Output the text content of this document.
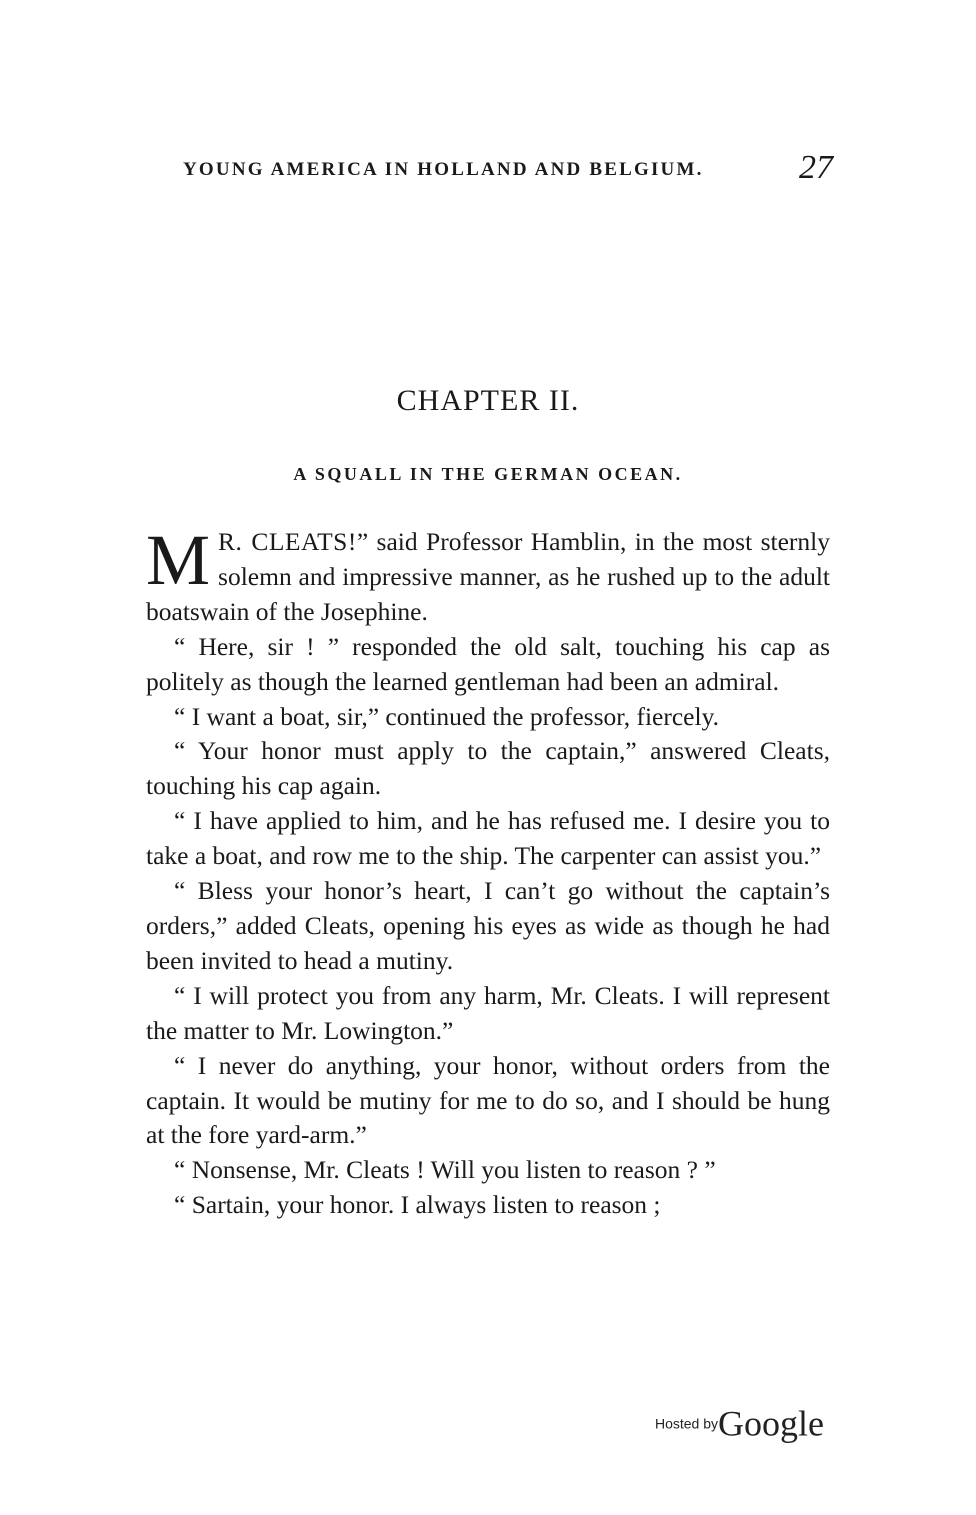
YOUNG AMERICA IN HOLLAND AND BELGIUM.	27
CHAPTER II.
A SQUALL IN THE GERMAN OCEAN.

M R. CLEATS!” said Professor Hamblin, in the most sternly solemn and impressive manner, as he rushed up to the adult boatswain of the Josephine.

“ Here, sir ! ” responded the old salt, touching his cap as politely as though the learned gentleman had been an admiral.

“ I want a boat, sir,” continued the professor, fiercely.

“ Your honor must apply to the captain,” answered Cleats, touching his cap again.

“ I have applied to him, and he has refused me. I desire you to take a boat, and row me to the ship. The carpenter can assist you.”

“ Bless your honor’s heart, I can’t go without the captain’s orders,” added Cleats, opening his eyes as wide as though he had been invited to head a mutiny.

“ I will protect you from any harm, Mr. Cleats. I will represent the matter to Mr. Lowington.”

“ I never do anything, your honor, without orders from the captain. It would be mutiny for me to do so, and I should be hung at the fore yard-arm.”

“ Nonsense, Mr. Cleats ! Will you listen to reason ? ”

“ Sartain, your honor. I always listen to reason ;

Hosted byGoogle
